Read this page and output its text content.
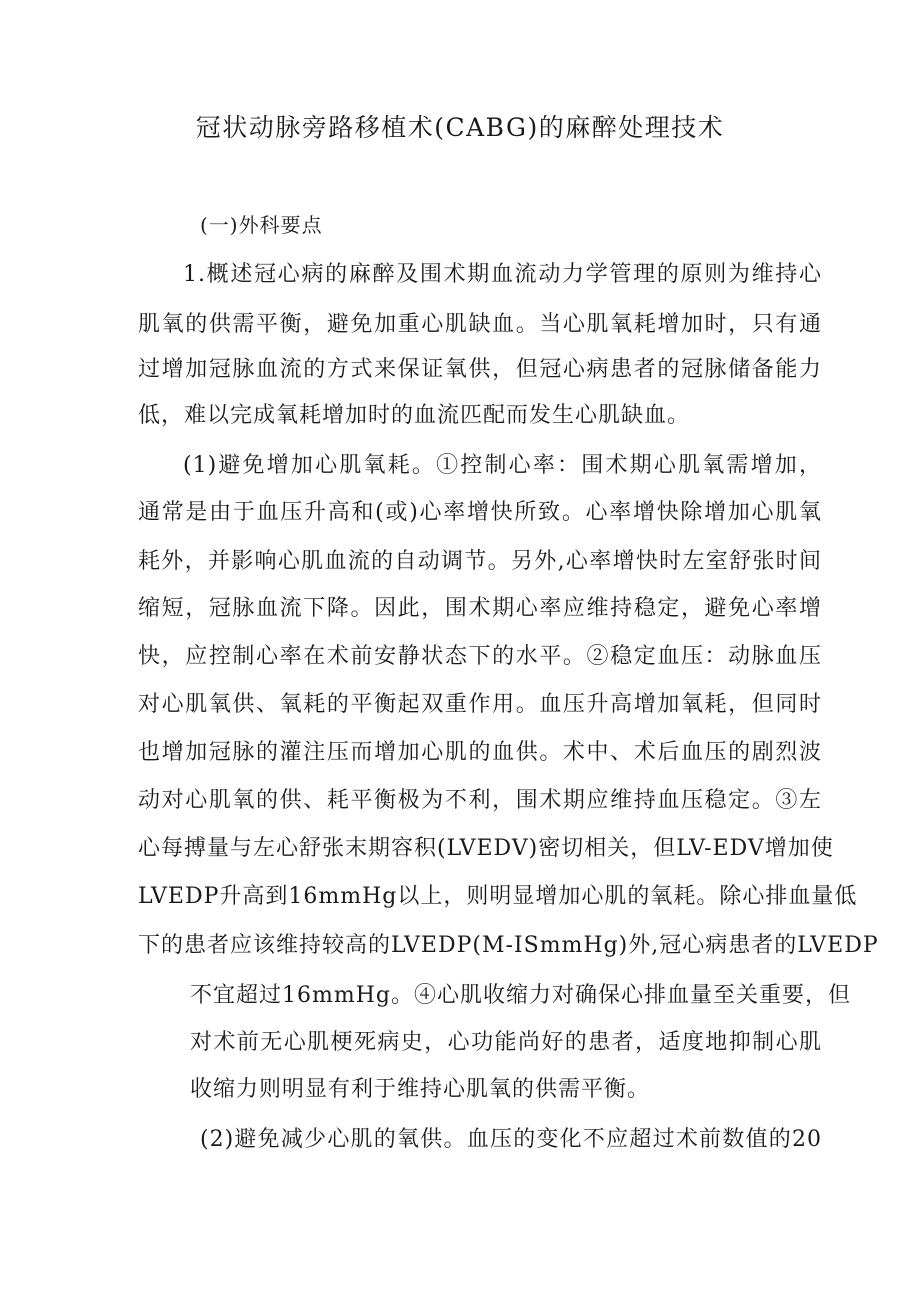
冠状动脉旁路移植术(CABG)的麻醉处理技术
(一)外科要点
1.概述冠心病的麻醉及围术期血流动力学管理的原则为维持心
肌氧的供需平衡，避免加重心肌缺血。当心肌氧耗增加时，只有通
过增加冠脉血流的方式来保证氧供，但冠心病患者的冠脉储备能力
低，难以完成氧耗增加时的血流匹配而发生心肌缺血。
(1)避免增加心肌氧耗。①控制心率：围术期心肌氧需增加，
通常是由于血压升高和(或)心率增快所致。心率增快除增加心肌氧
耗外，并影响心肌血流的自动调节。另外,心率增快时左室舒张时间
缩短，冠脉血流下降。因此，围术期心率应维持稳定，避免心率增
快，应控制心率在术前安静状态下的水平。②稳定血压：动脉血压
对心肌氧供、氧耗的平衡起双重作用。血压升高增加氧耗，但同时
也增加冠脉的灌注压而增加心肌的血供。术中、术后血压的剧烈波
动对心肌氧的供、耗平衡极为不利，围术期应维持血压稳定。③左
心每搏量与左心舒张末期容积(LVEDV)密切相关，但LV-EDV增加使
LVEDP升高到16mmHg以上，则明显增加心肌的氧耗。除心排血量低
下的患者应该维持较高的LVEDP(M-ISmmHg)外,冠心病患者的LVEDP
不宜超过16mmHg。④心肌收缩力对确保心排血量至关重要，但
对术前无心肌梗死病史，心功能尚好的患者，适度地抑制心肌
收缩力则明显有利于维持心肌氧的供需平衡。
(2)避免减少心肌的氧供。血压的变化不应超过术前数值的20
